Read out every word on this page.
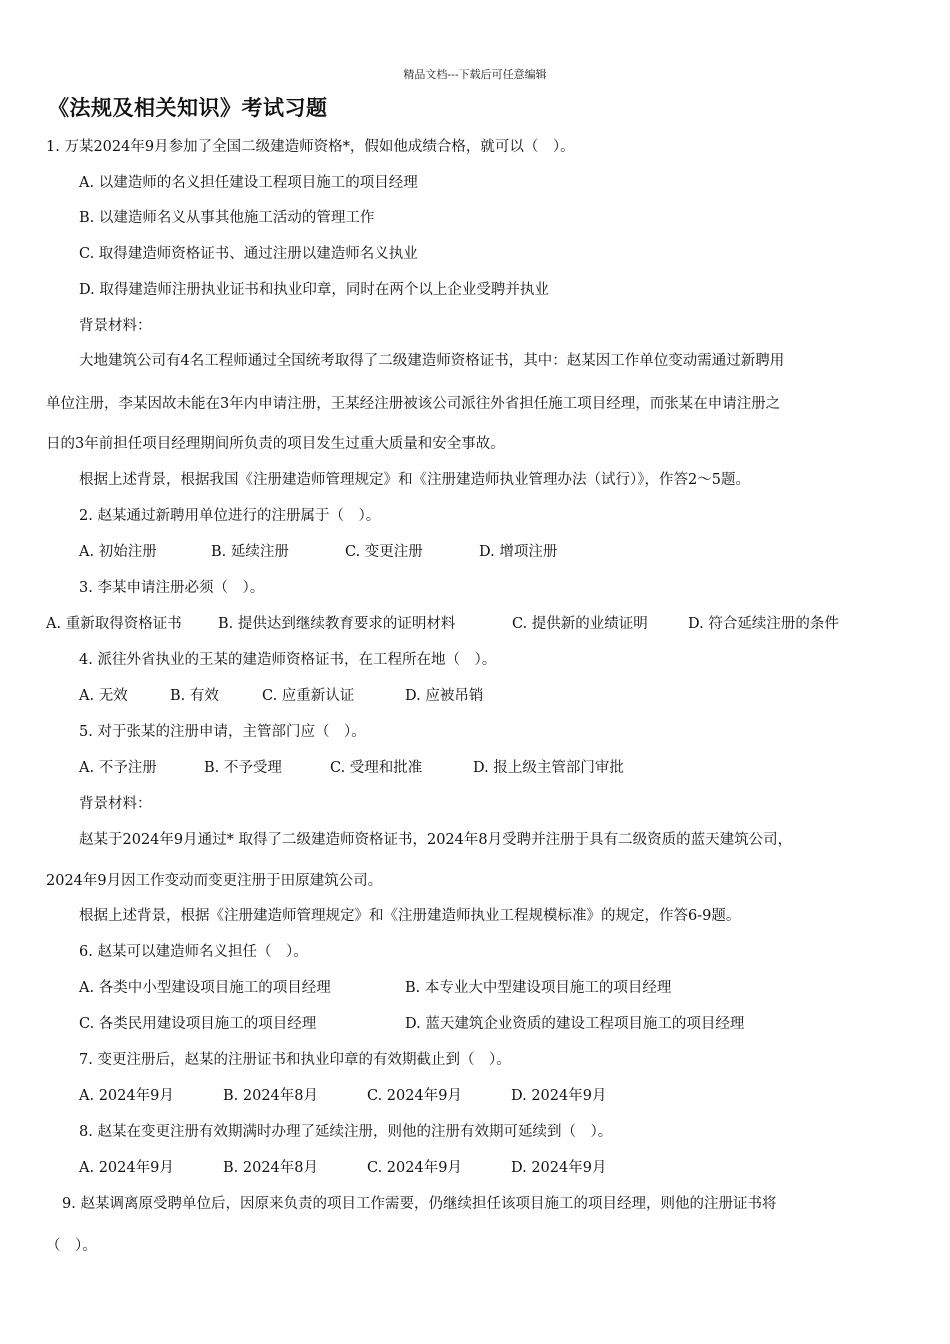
精品文档---下载后可任意编辑
《法规及相关知识》考试习题
1. 万某2024年9月参加了全国二级建造师资格*，假如他成绩合格，就可以（　）。
A. 以建造师的名义担任建设工程项目施工的项目经理
B. 以建造师名义从事其他施工活动的管理工作
C. 取得建造师资格证书、通过注册以建造师名义执业
D. 取得建造师注册执业证书和执业印章，同时在两个以上企业受聘并执业
背景材料：
大地建筑公司有4名工程师通过全国统考取得了二级建造师资格证书，其中：赵某因工作单位变动需通过新聘用
单位注册，李某因故未能在3年内申请注册，王某经注册被该公司派往外省担任施工项目经理，而张某在申请注册之
日的3年前担任项目经理期间所负责的项目发生过重大质量和安全事故。
根据上述背景，根据我国《注册建造师管理规定》和《注册建造师执业管理办法（试行）》，作答2～5题。
2. 赵某通过新聘用单位进行的注册属于（　）。
A. 初始注册	B. 延续注册	C. 变更注册	D. 增项注册
3. 李某申请注册必须（　）。
A. 重新取得资格证书	B. 提供达到继续教育要求的证明材料	C. 提供新的业绩证明	D. 符合延续注册的条件
4. 派往外省执业的王某的建造师资格证书，在工程所在地（　）。
A. 无效	B. 有效	C. 应重新认证	D. 应被吊销
5. 对于张某的注册申请，主管部门应（　）。
A. 不予注册	B. 不予受理	C. 受理和批准	D. 报上级主管部门审批
背景材料：
赵某于2024年9月通过* 取得了二级建造师资格证书，2024年8月受聘并注册于具有二级资质的蓝天建筑公司，
2024年9月因工作变动而变更注册于田原建筑公司。
根据上述背景，根据《注册建造师管理规定》和《注册建造师执业工程规模标准》的规定，作答6-9题。
6. 赵某可以建造师名义担任（　）。
A. 各类中小型建设项目施工的项目经理	B. 本专业大中型建设项目施工的项目经理
C. 各类民用建设项目施工的项目经理	D. 蓝天建筑企业资质的建设工程项目施工的项目经理
7. 变更注册后，赵某的注册证书和执业印章的有效期截止到（　）。
A. 2024年9月	B. 2024年8月	C. 2024年9月	D. 2024年9月
8. 赵某在变更注册有效期满时办理了延续注册，则他的注册有效期可延续到（　）。
A. 2024年9月	B. 2024年8月	C. 2024年9月	D. 2024年9月
9. 赵某调离原受聘单位后，因原来负责的项目工作需要，仍继续担任该项目施工的项目经理，则他的注册证书将
（　）。
